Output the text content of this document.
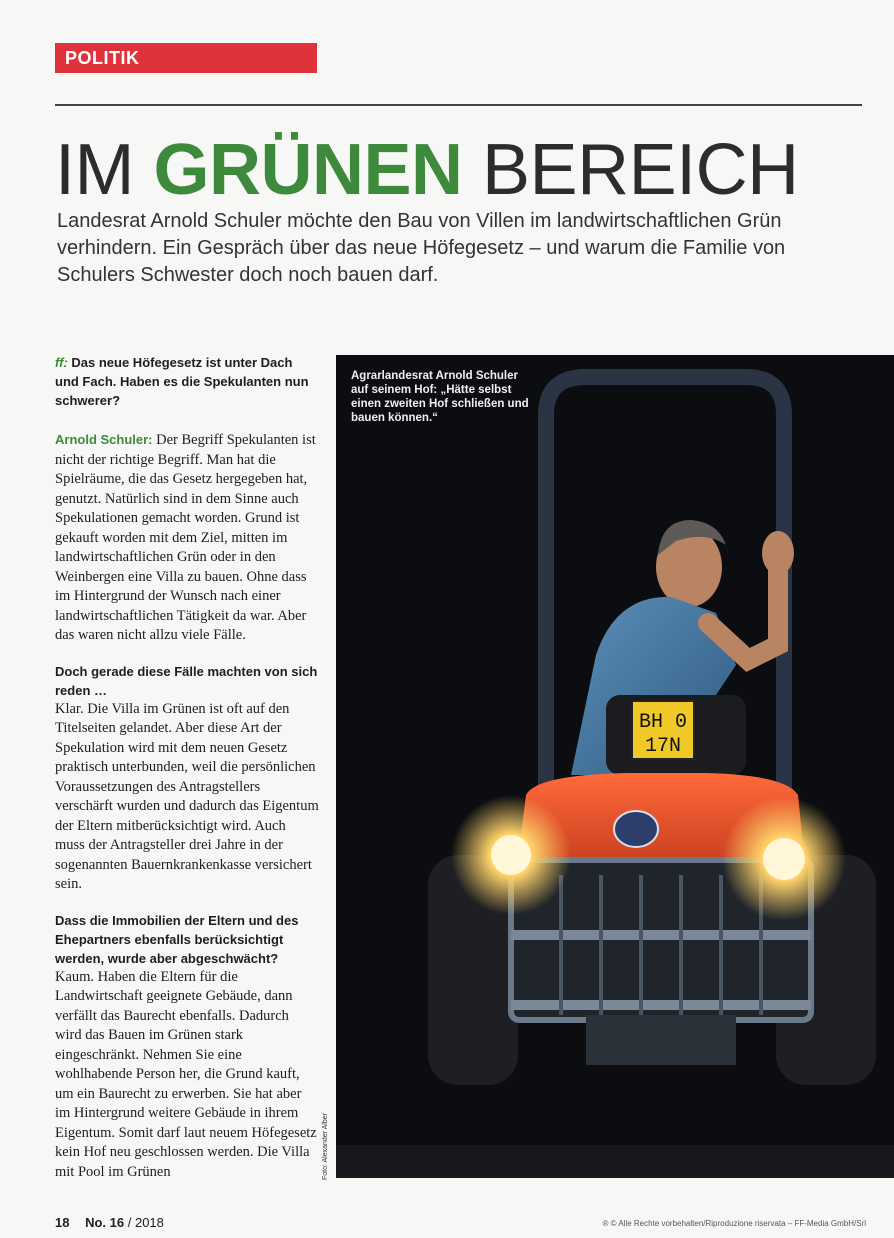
POLITIK
IM GRÜNEN BEREICH
Landesrat Arnold Schuler möchte den Bau von Villen im landwirtschaftlichen Grün verhindern. Ein Gespräch über das neue Höfegesetz – und warum die Familie von Schulers Schwester doch noch bauen darf.

ff: Das neue Höfegesetz ist unter Dach und Fach. Haben es die Spekulanten nun schwerer?

Arnold Schuler: Der Begriff Spekulanten ist nicht der richtige Begriff. Man hat die Spielräume, die das Gesetz hergegeben hat, genutzt. Natürlich sind in dem Sinne auch Spekulationen gemacht worden. Grund ist gekauft worden mit dem Ziel, mitten im landwirtschaftlichen Grün oder in den Weinbergen eine Villa zu bauen. Ohne dass im Hintergrund der Wunsch nach einer landwirtschaftlichen Tätigkeit da war. Aber das waren nicht allzu viele Fälle.

Doch gerade diese Fälle machten von sich reden …

Klar. Die Villa im Grünen ist oft auf den Titelseiten gelandet. Aber diese Art der Spekulation wird mit dem neuen Gesetz praktisch unterbunden, weil die persönlichen Voraussetzungen des Antragstellers verschärft wurden und dadurch das Eigentum der Eltern mitberücksichtigt wird. Auch muss der Antragsteller drei Jahre in der sogenannten Bauernkrankenkasse versichert sein.

Dass die Immobilien der Eltern und des Ehepartners ebenfalls berücksichtigt werden, wurde aber abgeschwächt?

Kaum. Haben die Eltern für die Landwirtschaft geeignete Gebäude, dann verfällt das Baurecht ebenfalls. Dadurch wird das Bauen im Grünen stark eingeschränkt. Nehmen Sie eine wohlhabende Person her, die Grund kauft, um ein Baurecht zu erwerben. Sie hat aber im Hintergrund weitere Gebäude in ihrem Eigentum. Somit darf laut neuem Höfegesetz kein Hof neu geschlossen werden. Die Villa mit Pool im Grünen

BH 0
17N
Agrarlandesrat Arnold Schuler auf seinem Hof: „Hätte selbst einen zweiten Hof schließen und bauen können.“
Foto: Alexander Alber
18 No. 16 / 2018	® © Alle Rechte vorbehalten/Riproduzione riservata – FF-Media GmbH/Srl
